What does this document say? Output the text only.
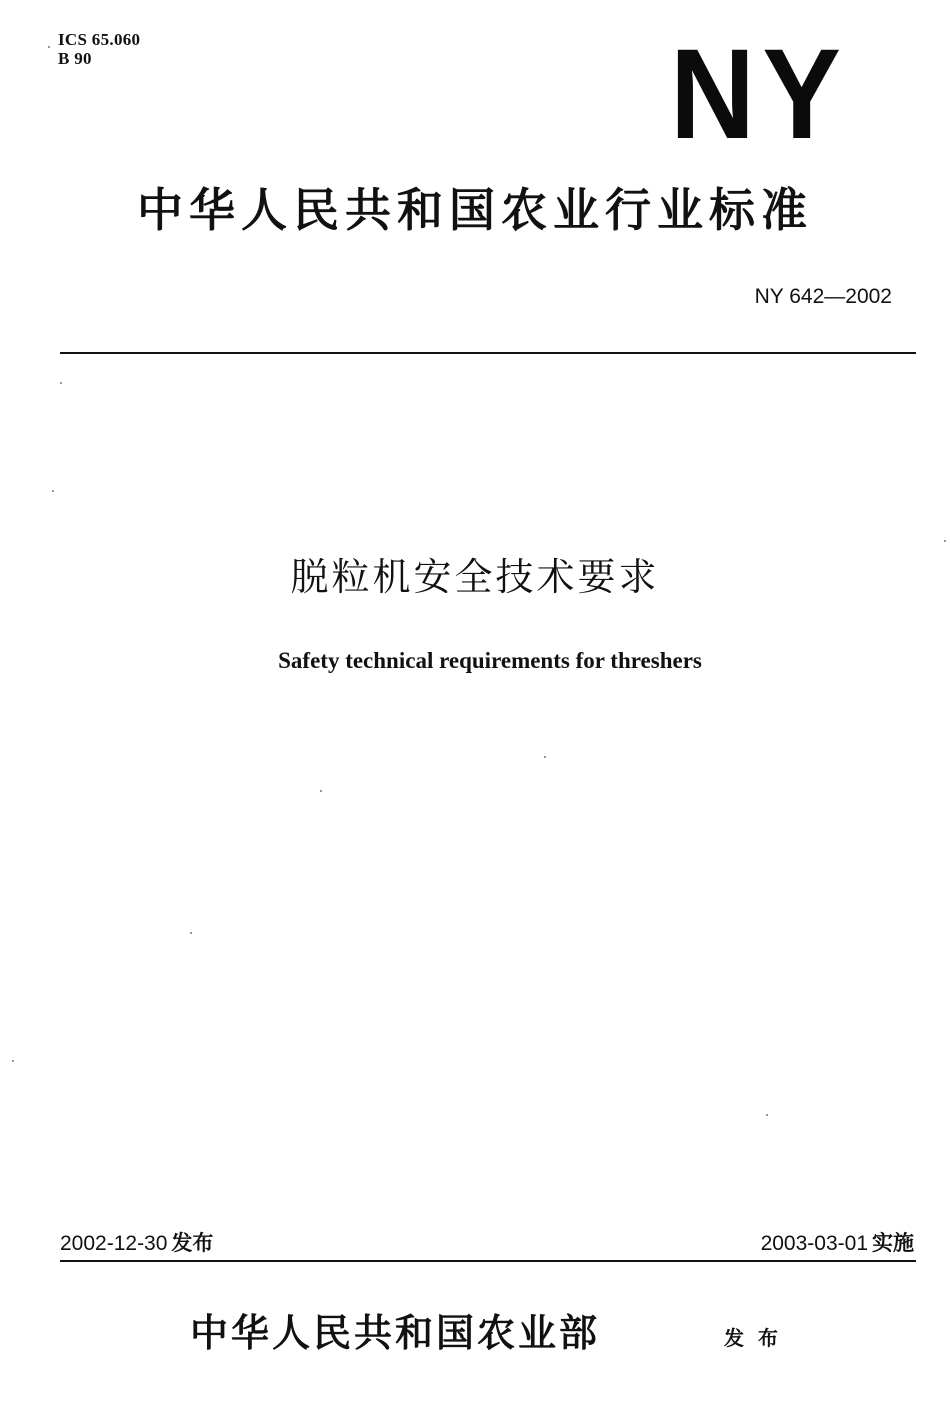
ICS 65.060
B 90	NY
中华人民共和国农业行业标准
NY 642—2002
脱粒机安全技术要求
Safety technical requirements for threshers
2002-12-30 发布	2003-03-01 实施
中华人民共和国农业部	发布
